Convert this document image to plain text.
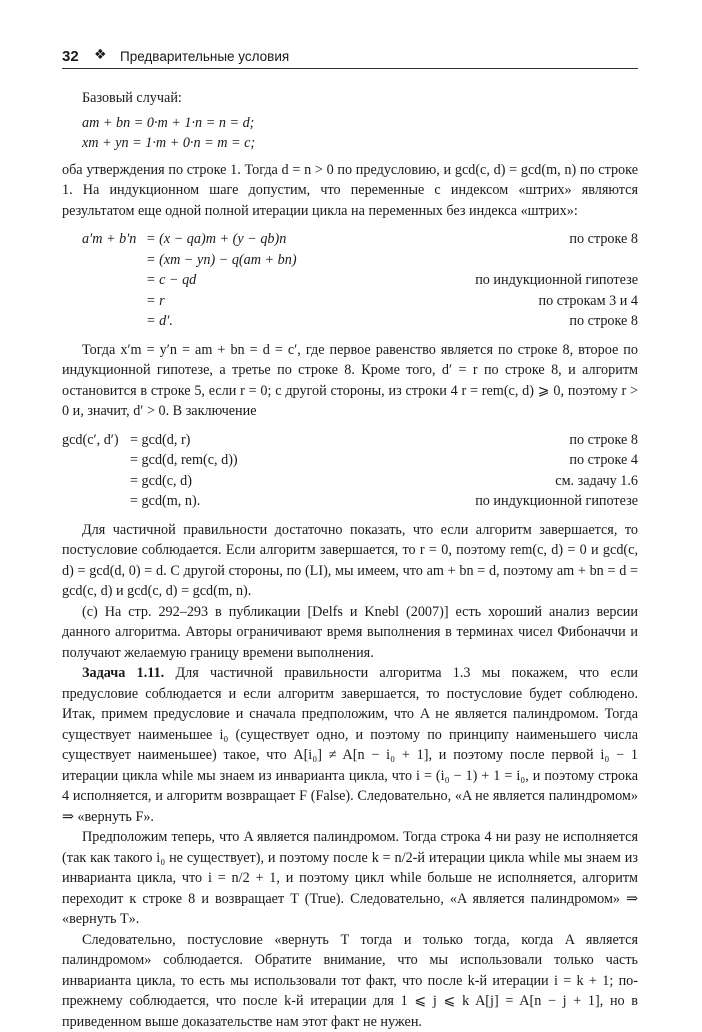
32 ❖ Предварительные условия

Базовый случай:

am + bn = 0·m + 1·n = n = d;

xm + yn = 1·m + 0·n = m = c;

оба утверждения по строке 1. Тогда d = n > 0 по предусловию, и gcd(c, d) = gcd(m, n) по строке 1. На индукционном шаге допустим, что переменные с индексом «штрих» являются результатом еще одной полной итерации цикла на переменных без индекса «штрих»:

a′m + b′n = (x − qa)m + (y − qb)n	по строке 8
= (xm − yn) − q(am + bn)
= c − qd	по индукционной гипотезе
= r	по строкам 3 и 4
= d′.	по строке 8

Тогда x′m = y′n = am + bn = d = c′, где первое равенство является по строке 8, второе по индукционной гипотезе, а третье по строке 8. Кроме того, d′ = r по строке 8, и алгоритм остановится в строке 5, если r = 0; с другой стороны, из строки 4 r = rem(c, d) ⩾ 0, поэтому r > 0 и, значит, d′ > 0. В заключение

gcd(c′, d′) = gcd(d, r)	по строке 8
= gcd(d, rem(c, d))	по строке 4
= gcd(c, d)	см. задачу 1.6
= gcd(m, n).	по индукционной гипотезе

Для частичной правильности достаточно показать, что если алгоритм завершается, то постусловие соблюдается. Если алгоритм завершается, то r = 0, поэтому rem(c, d) = 0 и gcd(c, d) = gcd(d, 0) = d. С другой стороны, по (LI), мы имеем, что am + bn = d, поэтому am + bn = d = gcd(c, d) и gcd(c, d) = gcd(m, n).

(c) На стр. 292–293 в публикации [Delfs и Knebl (2007)] есть хороший анализ версии данного алгоритма. Авторы ограничивают время выполнения в терминах чисел Фибоначчи и получают желаемую границу времени выполнения.

Задача 1.11. Для частичной правильности алгоритма 1.3 мы покажем, что если предусловие соблюдается и если алгоритм завершается, то постусловие будет соблюдено. Итак, примем предусловие и сначала предположим, что A не является палиндромом. Тогда существует наименьшее i₀ (существует одно, и поэтому по принципу наименьшего числа существует наименьшее) такое, что A[i₀] ≠ A[n − i₀ + 1], и поэтому после первой i₀ − 1 итерации цикла while мы знаем из инварианта цикла, что i = (i₀ − 1) + 1 = i₀, и поэтому строка 4 исполняется, и алгоритм возвращает F (False). Следовательно, «A не является палиндромом» ⇒ «вернуть F».

Предположим теперь, что A является палиндромом. Тогда строка 4 ни разу не исполняется (так как такого i₀ не существует), и поэтому после k = n/2-й итерации цикла while мы знаем из инварианта цикла, что i = n/2 + 1, и поэтому цикл while больше не исполняется, алгоритм переходит к строке 8 и возвращает T (True). Следовательно, «A является палиндромом» ⇒ «вернуть T».

Следовательно, постусловие «вернуть T тогда и только тогда, когда A является палиндромом» соблюдается. Обратите внимание, что мы использовали только часть инварианта цикла, то есть мы использовали тот факт, что после k-й итерации i = k + 1; по-прежнему соблюдается, что после k-й итерации для 1 ⩽ j ⩽ k A[j] = A[n − j + 1], но в приведенном выше доказательстве нам этот факт не нужен.
